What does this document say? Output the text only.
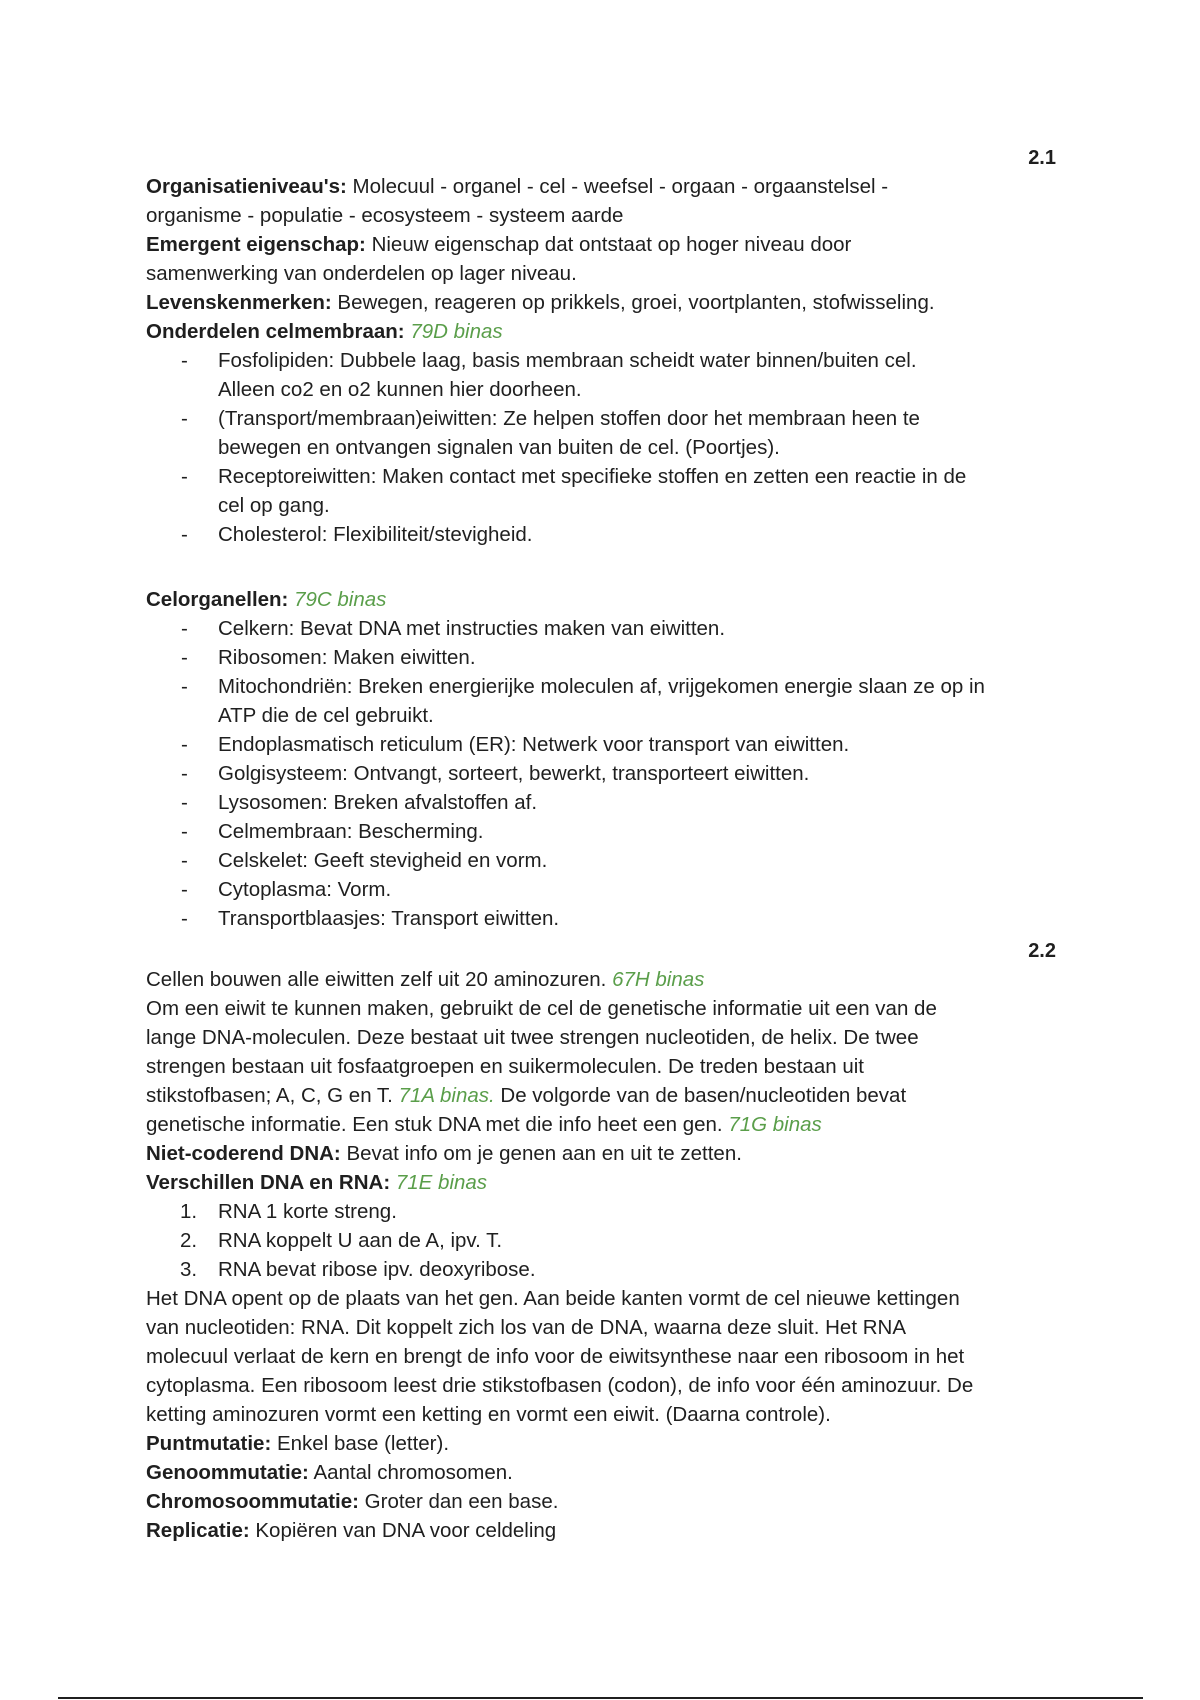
2.1
Organisatieniveau's: Molecuul - organel - cel - weefsel - orgaan - orgaanstelsel -
organisme - populatie - ecosysteem - systeem aarde
Emergent eigenschap: Nieuw eigenschap dat ontstaat op hoger niveau door
samenwerking van onderdelen op lager niveau.
Levenskenmerken: Bewegen, reageren op prikkels, groei, voortplanten, stofwisseling.
Onderdelen celmembraan: 79D binas
-	Fosfolipiden: Dubbele laag, basis membraan scheidt water binnen/buiten cel.
Alleen co2 en o2 kunnen hier doorheen.
-	(Transport/membraan)eiwitten: Ze helpen stoffen door het membraan heen te
bewegen en ontvangen signalen van buiten de cel. (Poortjes).
-	Receptoreiwitten: Maken contact met specifieke stoffen en zetten een reactie in de
cel op gang.
-	Cholesterol: Flexibiliteit/stevigheid.
Celorganellen: 79C binas
-	Celkern: Bevat DNA met instructies maken van eiwitten.
-	Ribosomen: Maken eiwitten.
-	Mitochondriën: Breken energierijke moleculen af, vrijgekomen energie slaan ze op in
ATP die de cel gebruikt.
-	Endoplasmatisch reticulum (ER): Netwerk voor transport van eiwitten.
-	Golgisysteem: Ontvangt, sorteert, bewerkt, transporteert eiwitten.
-	Lysosomen: Breken afvalstoffen af.
-	Celmembraan: Bescherming.
-	Celskelet: Geeft stevigheid en vorm.
-	Cytoplasma: Vorm.
-	Transportblaasjes: Transport eiwitten.
2.2
Cellen bouwen alle eiwitten zelf uit 20 aminozuren. 67H binas
Om een eiwit te kunnen maken, gebruikt de cel de genetische informatie uit een van de
lange DNA-moleculen. Deze bestaat uit twee strengen nucleotiden, de helix. De twee
strengen bestaan uit fosfaatgroepen en suikermoleculen. De treden bestaan uit
stikstofbasen; A, C, G en T. 71A binas. De volgorde van de basen/nucleotiden bevat
genetische informatie. Een stuk DNA met die info heet een gen. 71G binas
Niet-coderend DNA: Bevat info om je genen aan en uit te zetten.
Verschillen DNA en RNA: 71E binas
1.	RNA 1 korte streng.
2.	RNA koppelt U aan de A, ipv. T.
3.	RNA bevat ribose ipv. deoxyribose.
Het DNA opent op de plaats van het gen. Aan beide kanten vormt de cel nieuwe kettingen
van nucleotiden: RNA. Dit koppelt zich los van de DNA, waarna deze sluit. Het RNA
molecuul verlaat de kern en brengt de info voor de eiwitsynthese naar een ribosoom in het
cytoplasma. Een ribosoom leest drie stikstofbasen (codon), de info voor één aminozuur. De
ketting aminozuren vormt een ketting en vormt een eiwit. (Daarna controle).
Puntmutatie: Enkel base (letter).
Genoommutatie: Aantal chromosomen.
Chromosoommutatie: Groter dan een base.
Replicatie: Kopiëren van DNA voor celdeling
